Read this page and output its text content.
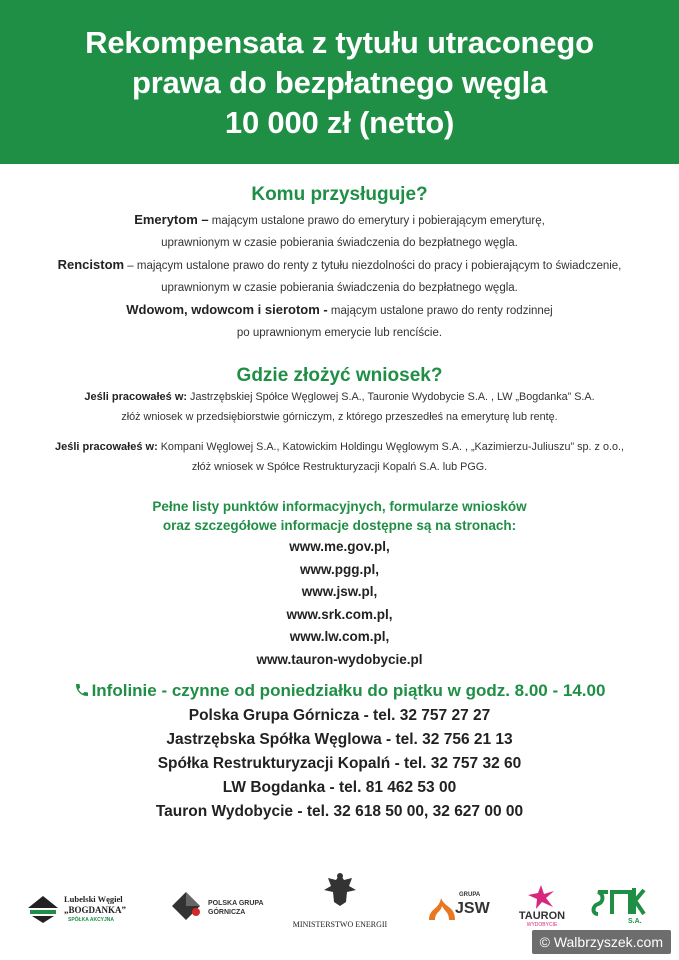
Rekompensata z tytułu utraconego
prawa do bezpłatnego węgla
10 000 zł (netto)
Komu przysługuje?
Emerytom – mającym ustalone prawo do emerytury i pobierającym emeryturę,
uprawnionym w czasie pobierania świadczenia do bezpłatnego węgla.
Rencistom – mającym ustalone prawo do renty z tytułu niezdolności do pracy i pobierającym to świadczenie,
uprawnionym w czasie pobierania świadczenia do bezpłatnego węgla.
Wdowom, wdowcom i sierotom - mającym ustalone prawo do renty rodzinnej
po uprawnionym emerycie lub rencíście.
Gdzie złożyć wniosek?
Jeśli pracowałeś w: Jastrzębskiej Spółce Węglowej S.A., Tauronie Wydobycie S.A. , LW „Bogdanka” S.A.
złóż wniosek w przedsiębiorstwie górniczym, z którego przeszedłeś na emeryturę lub rentę.
Jeśli pracowałeś w: Kompani Węglowej S.A., Katowickim Holdingu Węglowym S.A. , „Kazimierzu-Juliuszu” sp. z o.o.,
złóż wniosek w Spółce Restrukturyzacji Kopalń S.A. lub PGG.
Pełne listy punktów informacyjnych, formularze wniosków
oraz szczegółowe informacje dostępne są na stronach:
www.me.gov.pl,
www.pgg.pl,
www.jsw.pl,
www.srk.com.pl,
www.lw.com.pl,
www.tauron-wydobycie.pl
Infolinie - czynne od poniedziałku do piątku w godz. 8.00 - 14.00
Polska Grupa Górnicza - tel. 32 757 27 27
Jastrzębska Spółka Węglowa - tel. 32 756 21 13
Spółka Restrukturyzacji Kopalń - tel. 32 757 32 60
LW Bogdanka - tel. 81 462 53 00
Tauron Wydobycie - tel. 32 618 50 00, 32 627 00 00
Lubelski Węgiel
„BOGDANKA”
SPÓŁKA AKCYJNA
POLSKA GRUPA
GÓRNICZA
MINISTERSTWO ENERGII
GRUPA
JSW	TAURON
WYDOBYCIE	S.A.
© Walbrzyszek.com
